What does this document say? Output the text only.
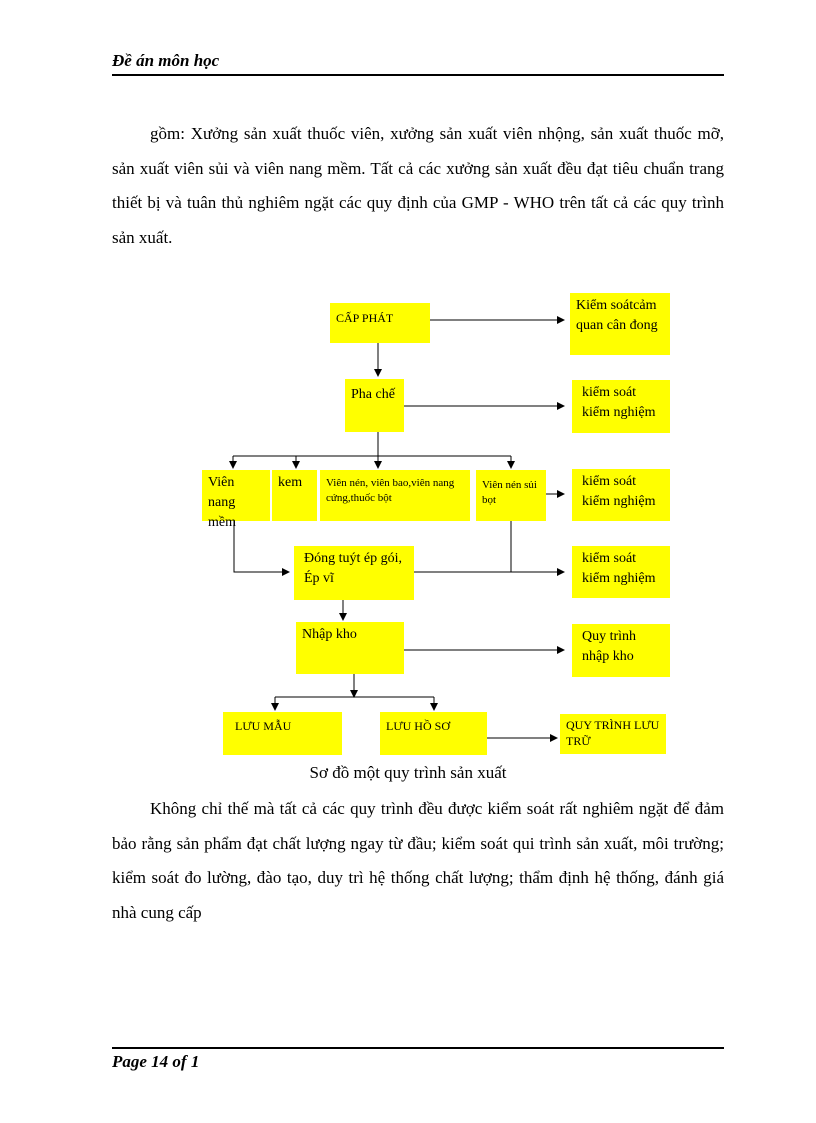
Đề án môn học

gồm: Xưởng sản xuất thuốc viên, xưởng sản xuất viên nhộng, sản xuất thuốc mỡ, sản xuất viên sủi và viên nang mềm. Tất cả các xưởng sản xuất đều đạt tiêu chuẩn trang thiết bị và tuân thủ nghiêm ngặt các quy định của GMP - WHO trên tất cả các quy trình sản xuất.

CẤP PHÁT
Kiểm soátcảm quan cân đong
Pha chế	kiểm soát kiểm nghiệm
Viên nang mềm
kem	Viên nén, viên bao,viên nang cứng,thuốc bột
Viên nén sủi bọt
kiểm soát kiểm nghiệm
Đóng tuýt ép gói, Ép vĩ
kiểm soát kiểm nghiệm
Nhập kho	Quy trình nhập kho
LƯU MẪU	LƯU HỒ SƠ	QUY TRÌNH LƯU TRỮ
Sơ đồ một quy trình sản xuất

Không chỉ thế mà tất cả các quy trình đều được kiểm soát rất nghiêm ngặt để đảm bảo rằng sản phẩm đạt chất lượng ngay từ đầu; kiểm soát qui trình sản xuất, môi trường; kiểm soát đo lường, đào tạo, duy trì hệ thống chất lượng; thẩm định hệ thống, đánh giá nhà cung cấp

Page 14 of 1
